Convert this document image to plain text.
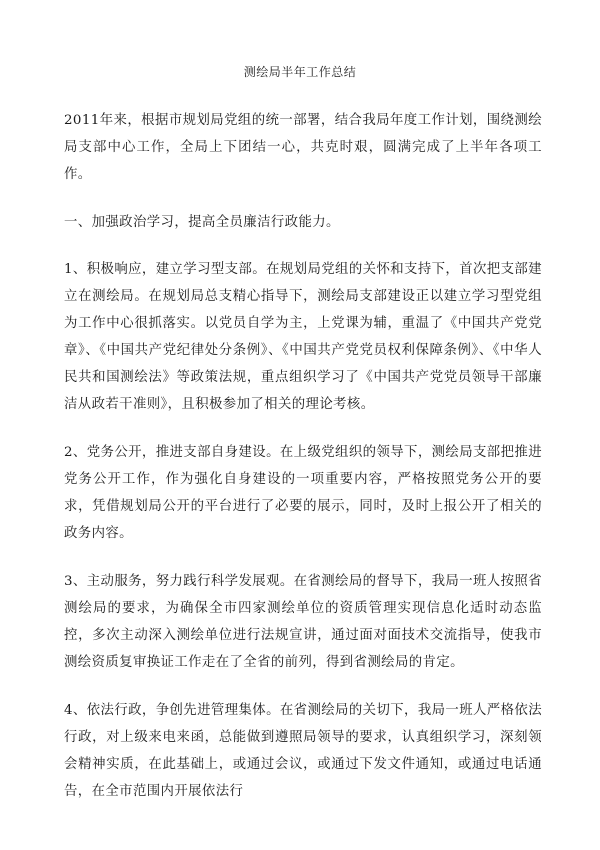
测绘局半年工作总结

2011年来，根据市规划局党组的统一部署，结合我局年度工作计划，围绕测绘局支部中心工作，全局上下团结一心，共克时艰，圆满完成了上半年各项工作。

一、加强政治学习，提高全员廉洁行政能力。

1、积极响应，建立学习型支部。在规划局党组的关怀和支持下，首次把支部建立在测绘局。在规划局总支精心指导下，测绘局支部建设正以建立学习型党组为工作中心很抓落实。以党员自学为主，上党课为辅，重温了《中国共产党党章》、《中国共产党纪律处分条例》、《中国共产党党员权利保障条例》、《中华人民共和国测绘法》等政策法规，重点组织学习了《中国共产党党员领导干部廉洁从政若干准则》，且积极参加了相关的理论考核。

2、党务公开，推进支部自身建设。在上级党组织的领导下，测绘局支部把推进党务公开工作，作为强化自身建设的一项重要内容，严格按照党务公开的要求，凭借规划局公开的平台进行了必要的展示，同时，及时上报公开了相关的政务内容。

3、主动服务，努力践行科学发展观。在省测绘局的督导下，我局一班人按照省测绘局的要求，为确保全市四家测绘单位的资质管理实现信息化适时动态监控，多次主动深入测绘单位进行法规宣讲，通过面对面技术交流指导，使我市测绘资质复审换证工作走在了全省的前列，得到省测绘局的肯定。

4、依法行政，争创先进管理集体。在省测绘局的关切下，我局一班人严格依法行政，对上级来电来函，总能做到遵照局领导的要求，认真组织学习，深刻领会精神实质，在此基础上，或通过会议，或通过下发文件通知，或通过电话通告，在全市范围内开展依法行
